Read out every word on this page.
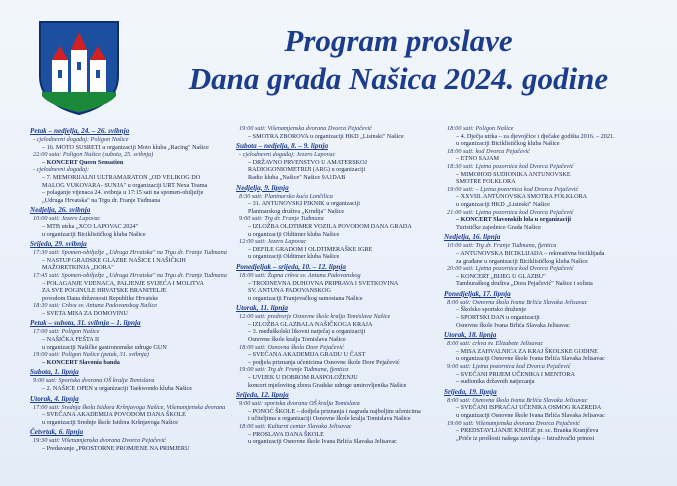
Program proslave
Dana grada Našica 2024. godine
Petak – nedjelja, 24. – 26. svibnja
- cjelodnevni događaj: Poligon Našice
– 16. MOTO SUSRETI u organizaciji Moto kluba „Racing" Našice
22:00 sata: Poligon Našice (subota, 25. svibnja)
– KONCERT Queen Sensation
- cjelodnevni događaj:
– 7. MEMORIJALNI ULTRAMARATON „OD VELIKOG DO
MALOG VUKOVARA- SUNJA" u organizaciji URT Nexa Teama
– polaganje vijenaca 24. svibnja u 17:15 sati na spomen-obilježje
„Udruga Hrvatska" na Trgu dr. Franje Tuđmana
Nedjelja, 26. svibnja
10:00 sati: Jezero Lapovac
– MTB utrka „XCO LAPOVAC 2024"
u organizaciji Biciklističkog kluba Našice
Srijeda, 29. svibnja
17:30 sati: Spomen-obilježje „Udruga Hrvatska" na Trgu dr. Franje Tuđmana
– NASTUP GRADSKE GLAZBE NAŠICE I NAŠIČKIH
MAŽORETKINJA „DORA"
17:45 sati: Spomen-obilježje „Udruga Hrvatska" na Trgu dr. Franje Tuđmana
– POLAGANJE VIJENACA, PALJENJE SVIJEĆA I MOLITVA
ZA SVE POGINULE HRVATSKE BRANITELJE
povodom Dana državnosti Republike Hrvatske
18:30 sati: Crkva sv. Antuna Padovanskog Našice
– SVETA MISA ZA DOMOVINU
Petak – subota, 31. svibnja – 1. lipnja
17:00 sati: Poligon Našice
– NAŠIČKA FEŠTA II
u organizaciji Našičke gastronomske udruge GUN
19:00 sati: Poligon Našice (petak, 31. svibnja)
– KONCERT Slavonia banda
Subota, 1. lipnja
9:00 sati: Sportska dvorana OŠ kralja Tomislava
– 2. NAŠICE OPEN u organizaciji Taekwondo kluba Našice
Utorak, 4. lipnja
17:00 sati: Srednja škola Isidora Kršnjavoga Našice, Višenamjenska dvorana
– SVEČANA AKADEMIJA POVODOM DANA ŠKOLE
u organizaciji Srednje škole Isidora Kršnjavoga Našice
Četvrtak, 6. lipnja
19:30 sati: Višenamjenska dvorana Dvorca Pejačević
– Predavanje „PROSTORNE PROMJENE NA PRIMJERU
19:00 sati: Višenamjenska dvorana Dvorca Pejačević
– SMOTRA ZBOROVA u organizaciji HKD „Lisinski" Našice
Subota – nedjelja, 8. – 9. lipnja
- cjelodnevni događaj: Jezero Lapovac
– DRŽAVNO PRVENSTVO U AMATERSKOJ
RADIOGONIOMETRIJI (ARG) u organizaciji
Radio kluba „Našice" Našice 9A1DAB
Nedjelja, 9. lipnja
8:30 sati: Planinarsko kuća Lončilica
– 31. ANTUNOVSKI PIKNIK u organizaciji
Planinarskog društva „Krndija" Našice
9:00 sati: Trg dr. Franje Tuđmana
– IZLOŽBA OLDTIMER VOZILA POVODOM DANA GRADA
u organizaciji Oldtimer kluba Našice
12:00 sati: Jezero Lapovac
– DEFILE GRADOM I OLDTIMERAŠKE IGRE
u organizaciji Oldtimer kluba Našice
Ponedjeljak – srijeda, 10. – 12. lipnja
18:00 sati: Župna crkva sv. Antuna Padovanskog
– TRODNEVNA DUHOVNA PRIPRAVA I SVETKOVINA
SV. ANTUNA PADOVANSKOG
u organizaciji Franjevačkog samostana Našice
Utorak, 11. lipnja
12:00 sati: predvorje Osnovne škole kralja Tomislava Našice
– IZLOŽBA GLAZBALA NAŠIČKOGA KRAJA
– 3. međuškolski likovni natječaj u organizaciji
Osnovne škole kralja Tomislava Našice
18:00 sati: Osnovna škola Dore Pejačević
– SVEČANA AKADEMIJA GRADU U ČAST
– podjela priznanja učenicima Osnovne škole Dore Pejačević
19:00 sati: Trg dr. Franje Tuđmana, fjentica
– UVIJEK U DOBROM RASPOLOŽENJU
koncert mješovitog zbora Gradske udruge umirovljenika Našice
Srijeda, 12. lipnja
9:00 sati: sportska dvorana OŠ kralja Tomislava
– PONOĆ ŠKOLE – dodjela priznanja i nagrada najboljim učenicima
i učiteljima u organizaciji Osnovne škole kralja Tomislava Našice
18:00 sati: Kulturni centar Slavaka Jelisavac
– PROSLAVA DANA ŠKOLE
u organizaciji Osnovne škole Ivana Brlića Slavaka Jelisavac
18:00 sati: Poligon Našice
– 4. Dječja utrka – za djevojčice i dječake godišta 2016. – 2021.
u organizaciji Biciklističkog kluba Našice
18:00 sati: kod Dvorca Pejačević
– ETNO SAJAM
18:30 sati: Ljetna pozornica kod Dvorca Pejačević
– MIMOHOD SUDIONIKA ANTUNOVSKE
SMOTRE FOLKLORA
19:00 sati: – Ljetna pozornica kod Dvorca Pejačević
– XXVIII. ANTUNOVSKA SMOTRA FOLKLORA
u organizaciji HKD „Lisinski" Našice
21:00 sati: Ljetna pozornica kod Dvorca Pejačević
– KONCERT Slavonskih lola u organizaciji
Turističke zajednice Grada Našice
Nedjelja, 16. lipnja
10:00 sati: Trg dr. Franje Tuđmana, fjentica
– ANTUNOVSKA BICIKLIJADA – rekreativna biciklijada
za građane u organizaciji Biciklističkog kluba Našice
20:00 sati: Ljetna pozornica kod Dvorca Pejačević
– KONCERT „BIJEG U GLAZBU"
Tamburaškog društva „Dora Pejačević" Našice i solista
Ponedjeljak, 17. lipnja
8:00 sati: Osnovna škola Ivana Brlića Slavaka Jelisavac
– Školsko sportsko druženje
– SPORTSKI DAN u organizaciji
Osnovne škole Ivana Brlića Slavaka Jelisavac
Utorak, 18. lipnja
8:00 sati: crkva sv. Elizabete Jelisavac
– MISA ZAHVALNICA ZA KRAJ ŠKOLSKE GODINE
u organizaciji Osnovne škole Ivana Brlića Slavaka Jelisavac
9:00 sati: Ljetna pozornica kod Dvorca Pejačević
– SVEČANI PRIJEM UČENIKA I MENTORA
– sudionika državnih natjecanja
Srijeda, 19. lipnja
8:00 sati: Osnovna škola Ivana Brlića Slavaka Jelisavac
– SVEČANI ISPRAĆAJ UČENIKA OSMOG RAZREDA
u organizaciji Osnovne škole Ivana Brlića Slavaka Jelisavac
19:00 sati: Višenamjenska dvorana Dvorca Pejačević
– PREDSTAVLJANJE KNJIGE pr. sc. Branka Kranjčeva
„Priče iz prošlosti našega zavičaja – Istraživački prinosi
